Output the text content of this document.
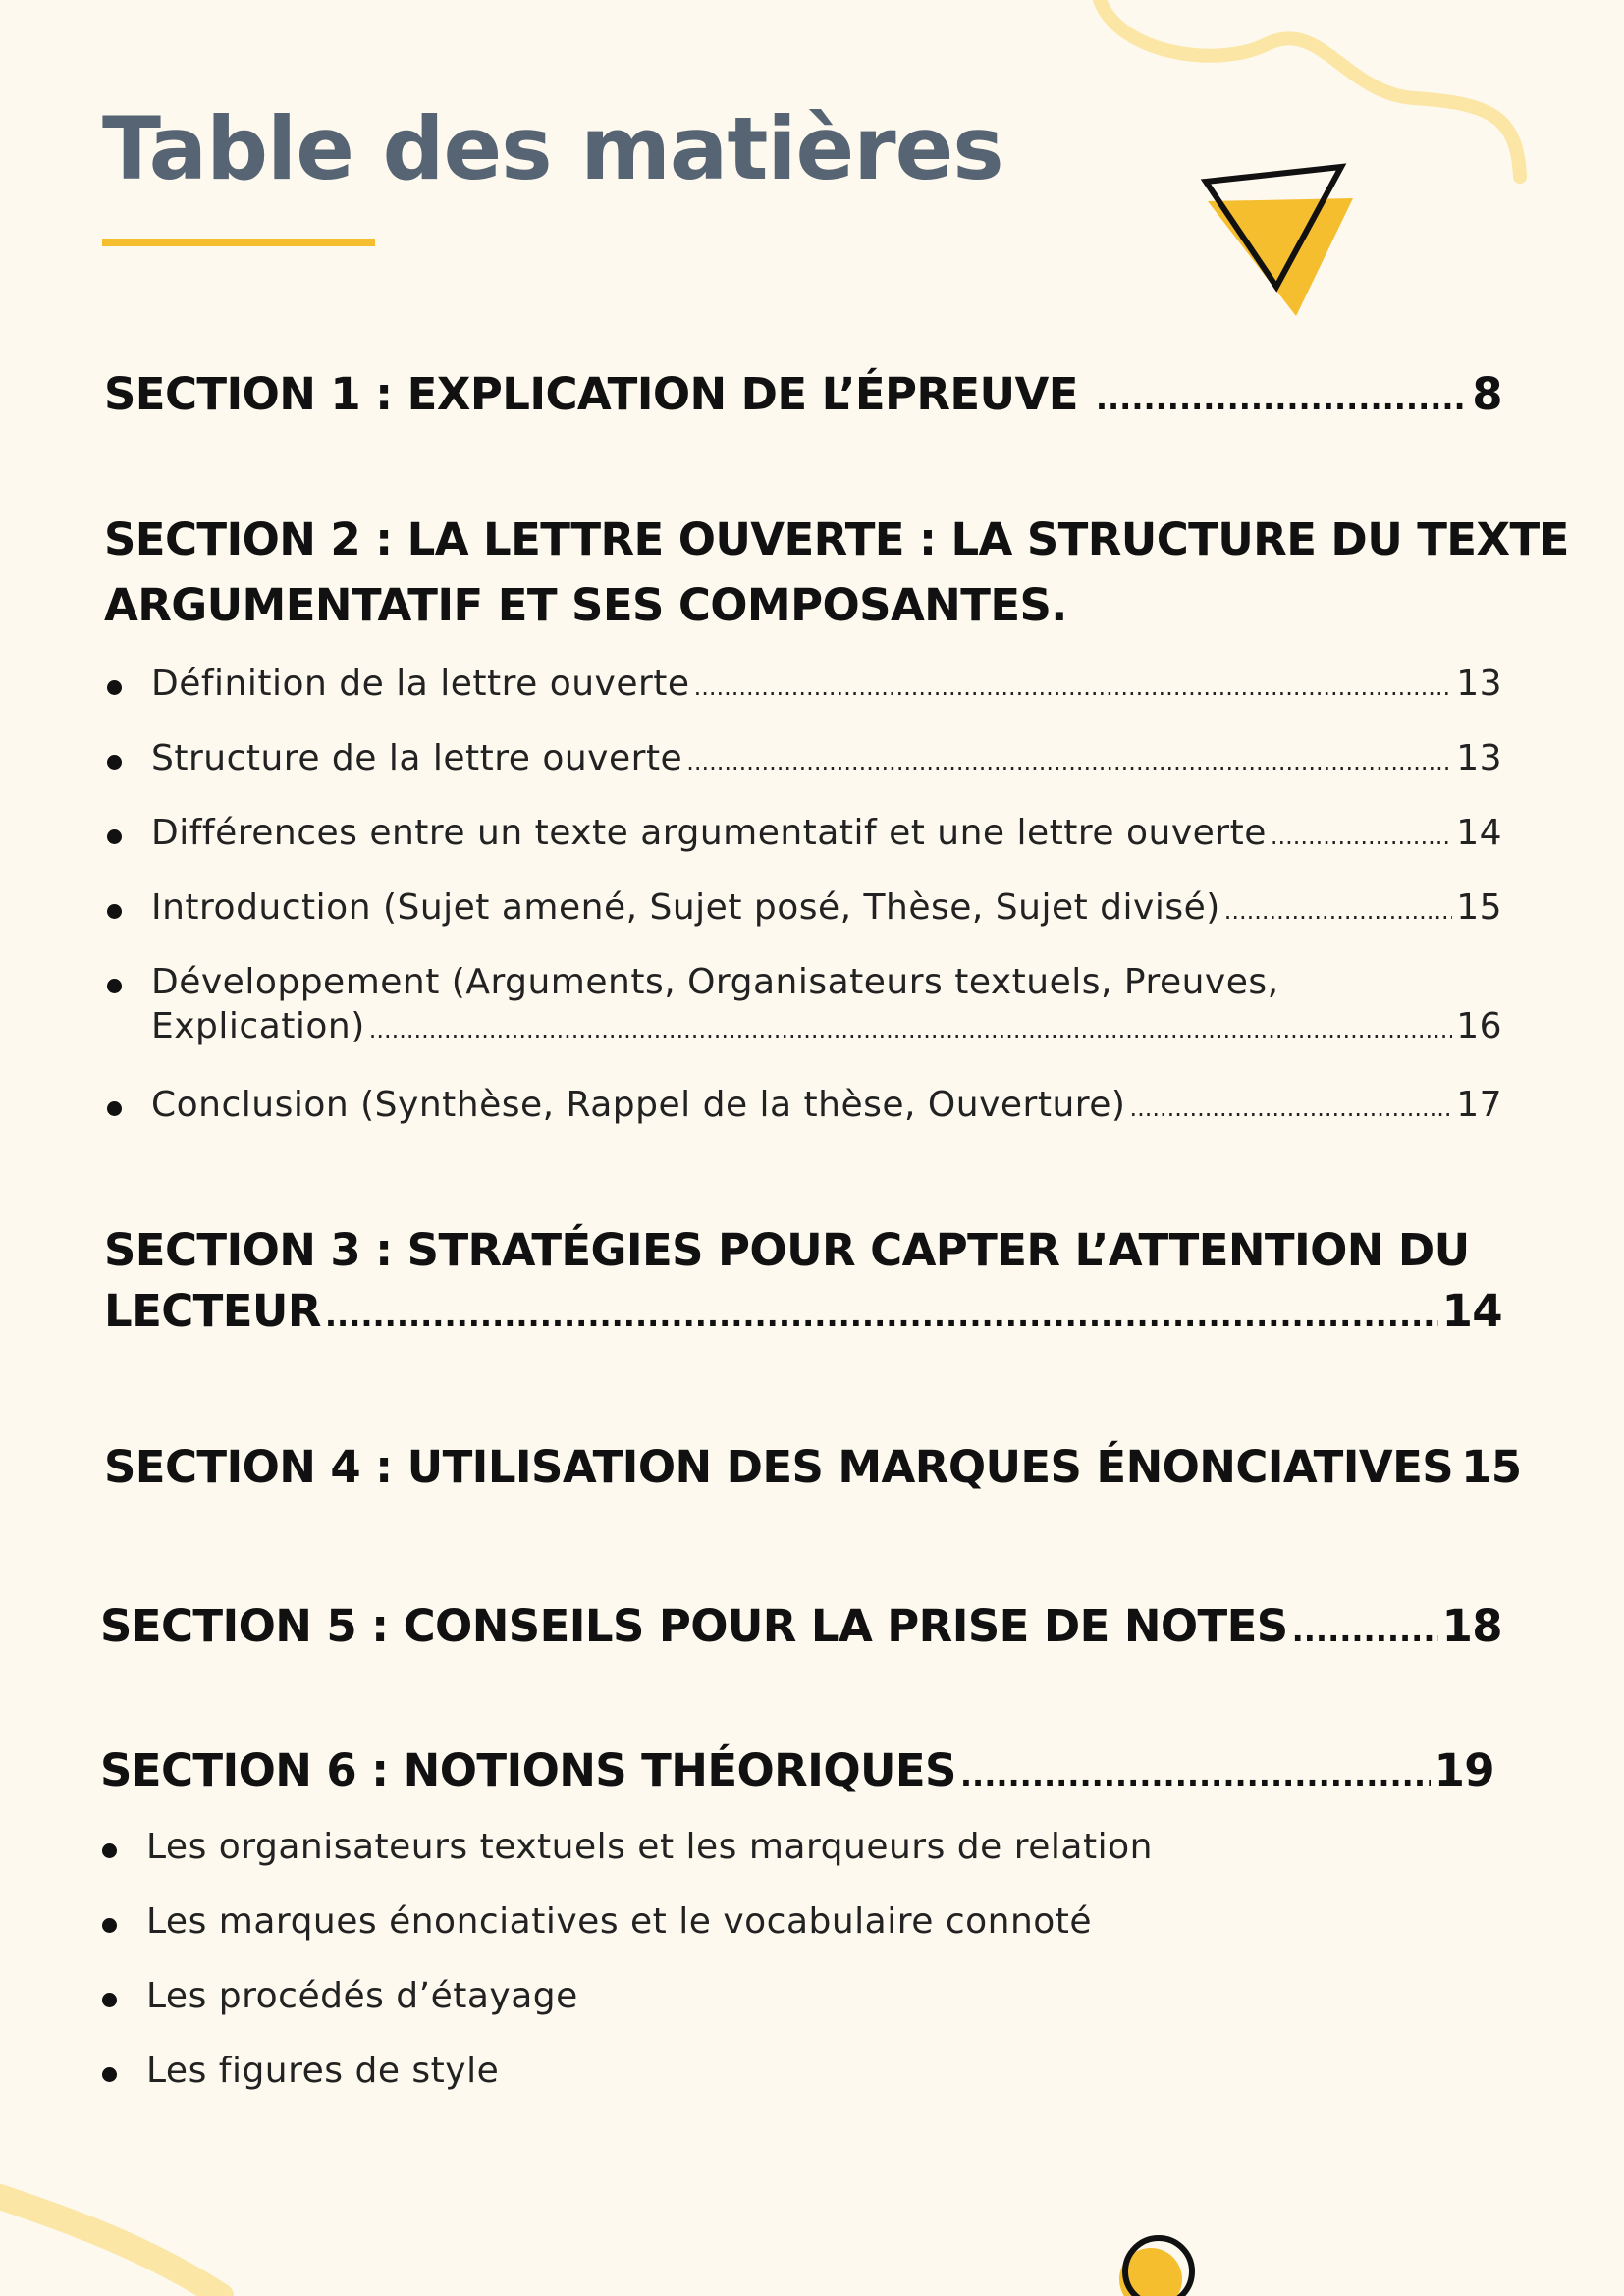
Table des matières
SECTION 1 : EXPLICATION DE L’ÉPREUVE .....	8
SECTION 2 : LA LETTRE OUVERTE : LA STRUCTURE DU TEXTE
ARGUMENTATIF ET SES COMPOSANTES.
Définition de la lettre ouverte .....	13
Structure de la lettre ouverte .....	13
Différences entre un texte argumentatif et une lettre ouverte .....	14
Introduction (Sujet amené, Sujet posé, Thèse, Sujet divisé) .....	15
Développement (Arguments, Organisateurs textuels, Preuves,
Explication) .....	16
Conclusion (Synthèse, Rappel de la thèse, Ouverture) .....	17
SECTION 3 : STRATÉGIES POUR CAPTER L’ATTENTION DU
LECTEUR .....	14
SECTION 4 : UTILISATION DES MARQUES ÉNONCIATIVES 15
SECTION 5 : CONSEILS POUR LA PRISE DE NOTES .....	18
SECTION 6 : NOTIONS THÉORIQUES .....	19
Les organisateurs textuels et les marqueurs de relation
Les marques énonciatives et le vocabulaire connoté
Les procédés d’étayage
Les figures de style
